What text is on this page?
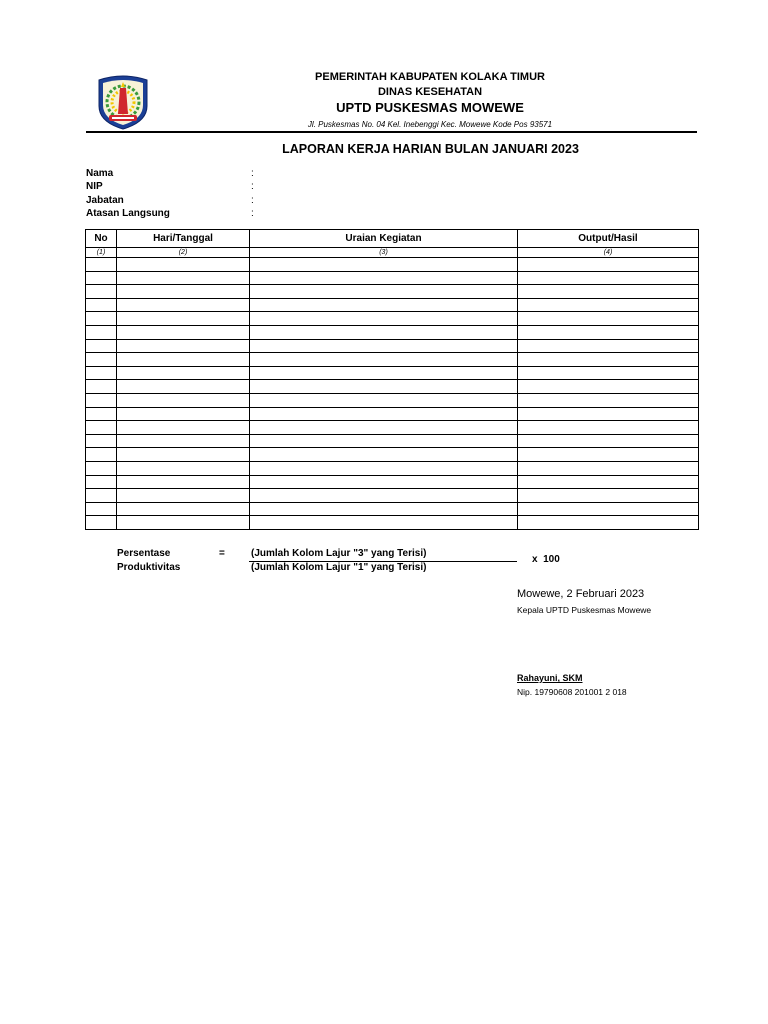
PEMERINTAH KABUPATEN KOLAKA TIMUR
DINAS KESEHATAN
UPTD PUSKESMAS MOWEWE
Jl. Puskesmas No. 04 Kel. Inebenggi Kec. Mowewe Kode Pos 93571
LAPORAN KERJA HARIAN BULAN JANUARI 2023
Nama	:
NIP	:
Jabatan	:
Atasan Langsung	:
No	Hari/Tanggal	Uraian Kegiatan	Output/Hasil
(1)	(2)	(3)	(4)

Persentase
Produktivitas
=	(Jumlah Kolom Lajur "3" yang Terisi)
(Jumlah Kolom Lajur "1" yang Terisi)
x  100
Mowewe, 2 Februari 2023
Kepala UPTD Puskesmas Mowewe
Rahayuni, SKM
Nip. 19790608 201001 2 018
